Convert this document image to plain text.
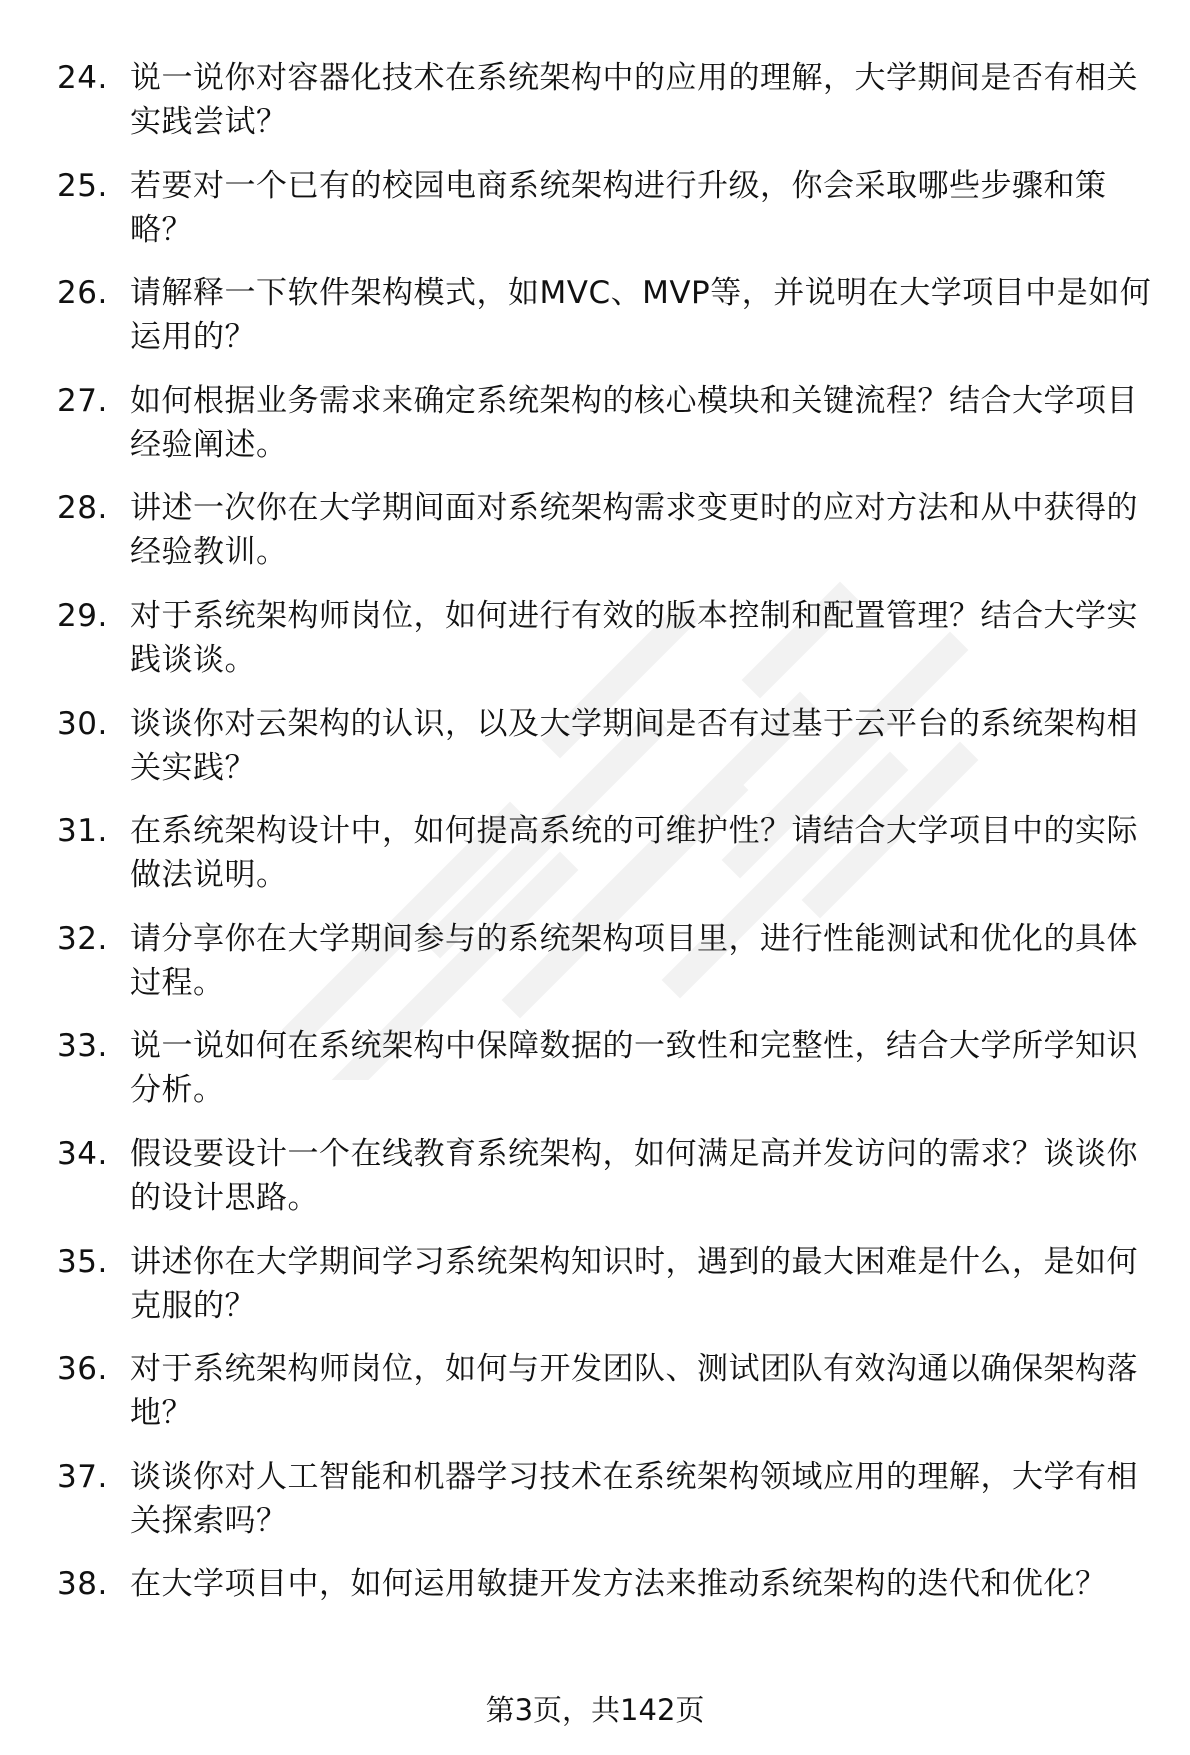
24. 说一说你对容器化技术在系统架构中的应用的理解，大学期间是否有相关实践尝试？
25. 若要对一个已有的校园电商系统架构进行升级，你会采取哪些步骤和策略？
26. 请解释一下软件架构模式，如MVC、MVP等，并说明在大学项目中是如何运用的？
27. 如何根据业务需求来确定系统架构的核心模块和关键流程？结合大学项目经验阐述。
28. 讲述一次你在大学期间面对系统架构需求变更时的应对方法和从中获得的经验教训。
29. 对于系统架构师岗位，如何进行有效的版本控制和配置管理？结合大学实践谈谈。
30. 谈谈你对云架构的认识，以及大学期间是否有过基于云平台的系统架构相关实践？
31. 在系统架构设计中，如何提高系统的可维护性？请结合大学项目中的实际做法说明。
32. 请分享你在大学期间参与的系统架构项目里，进行性能测试和优化的具体过程。
33. 说一说如何在系统架构中保障数据的一致性和完整性，结合大学所学知识分析。
34. 假设要设计一个在线教育系统架构，如何满足高并发访问的需求？谈谈你的设计思路。
35. 讲述你在大学期间学习系统架构知识时，遇到的最大困难是什么，是如何克服的？
36. 对于系统架构师岗位，如何与开发团队、测试团队有效沟通以确保架构落地？
37. 谈谈你对人工智能和机器学习技术在系统架构领域应用的理解，大学有相关探索吗？
38. 在大学项目中，如何运用敏捷开发方法来推动系统架构的迭代和优化？
第3页，共142页
